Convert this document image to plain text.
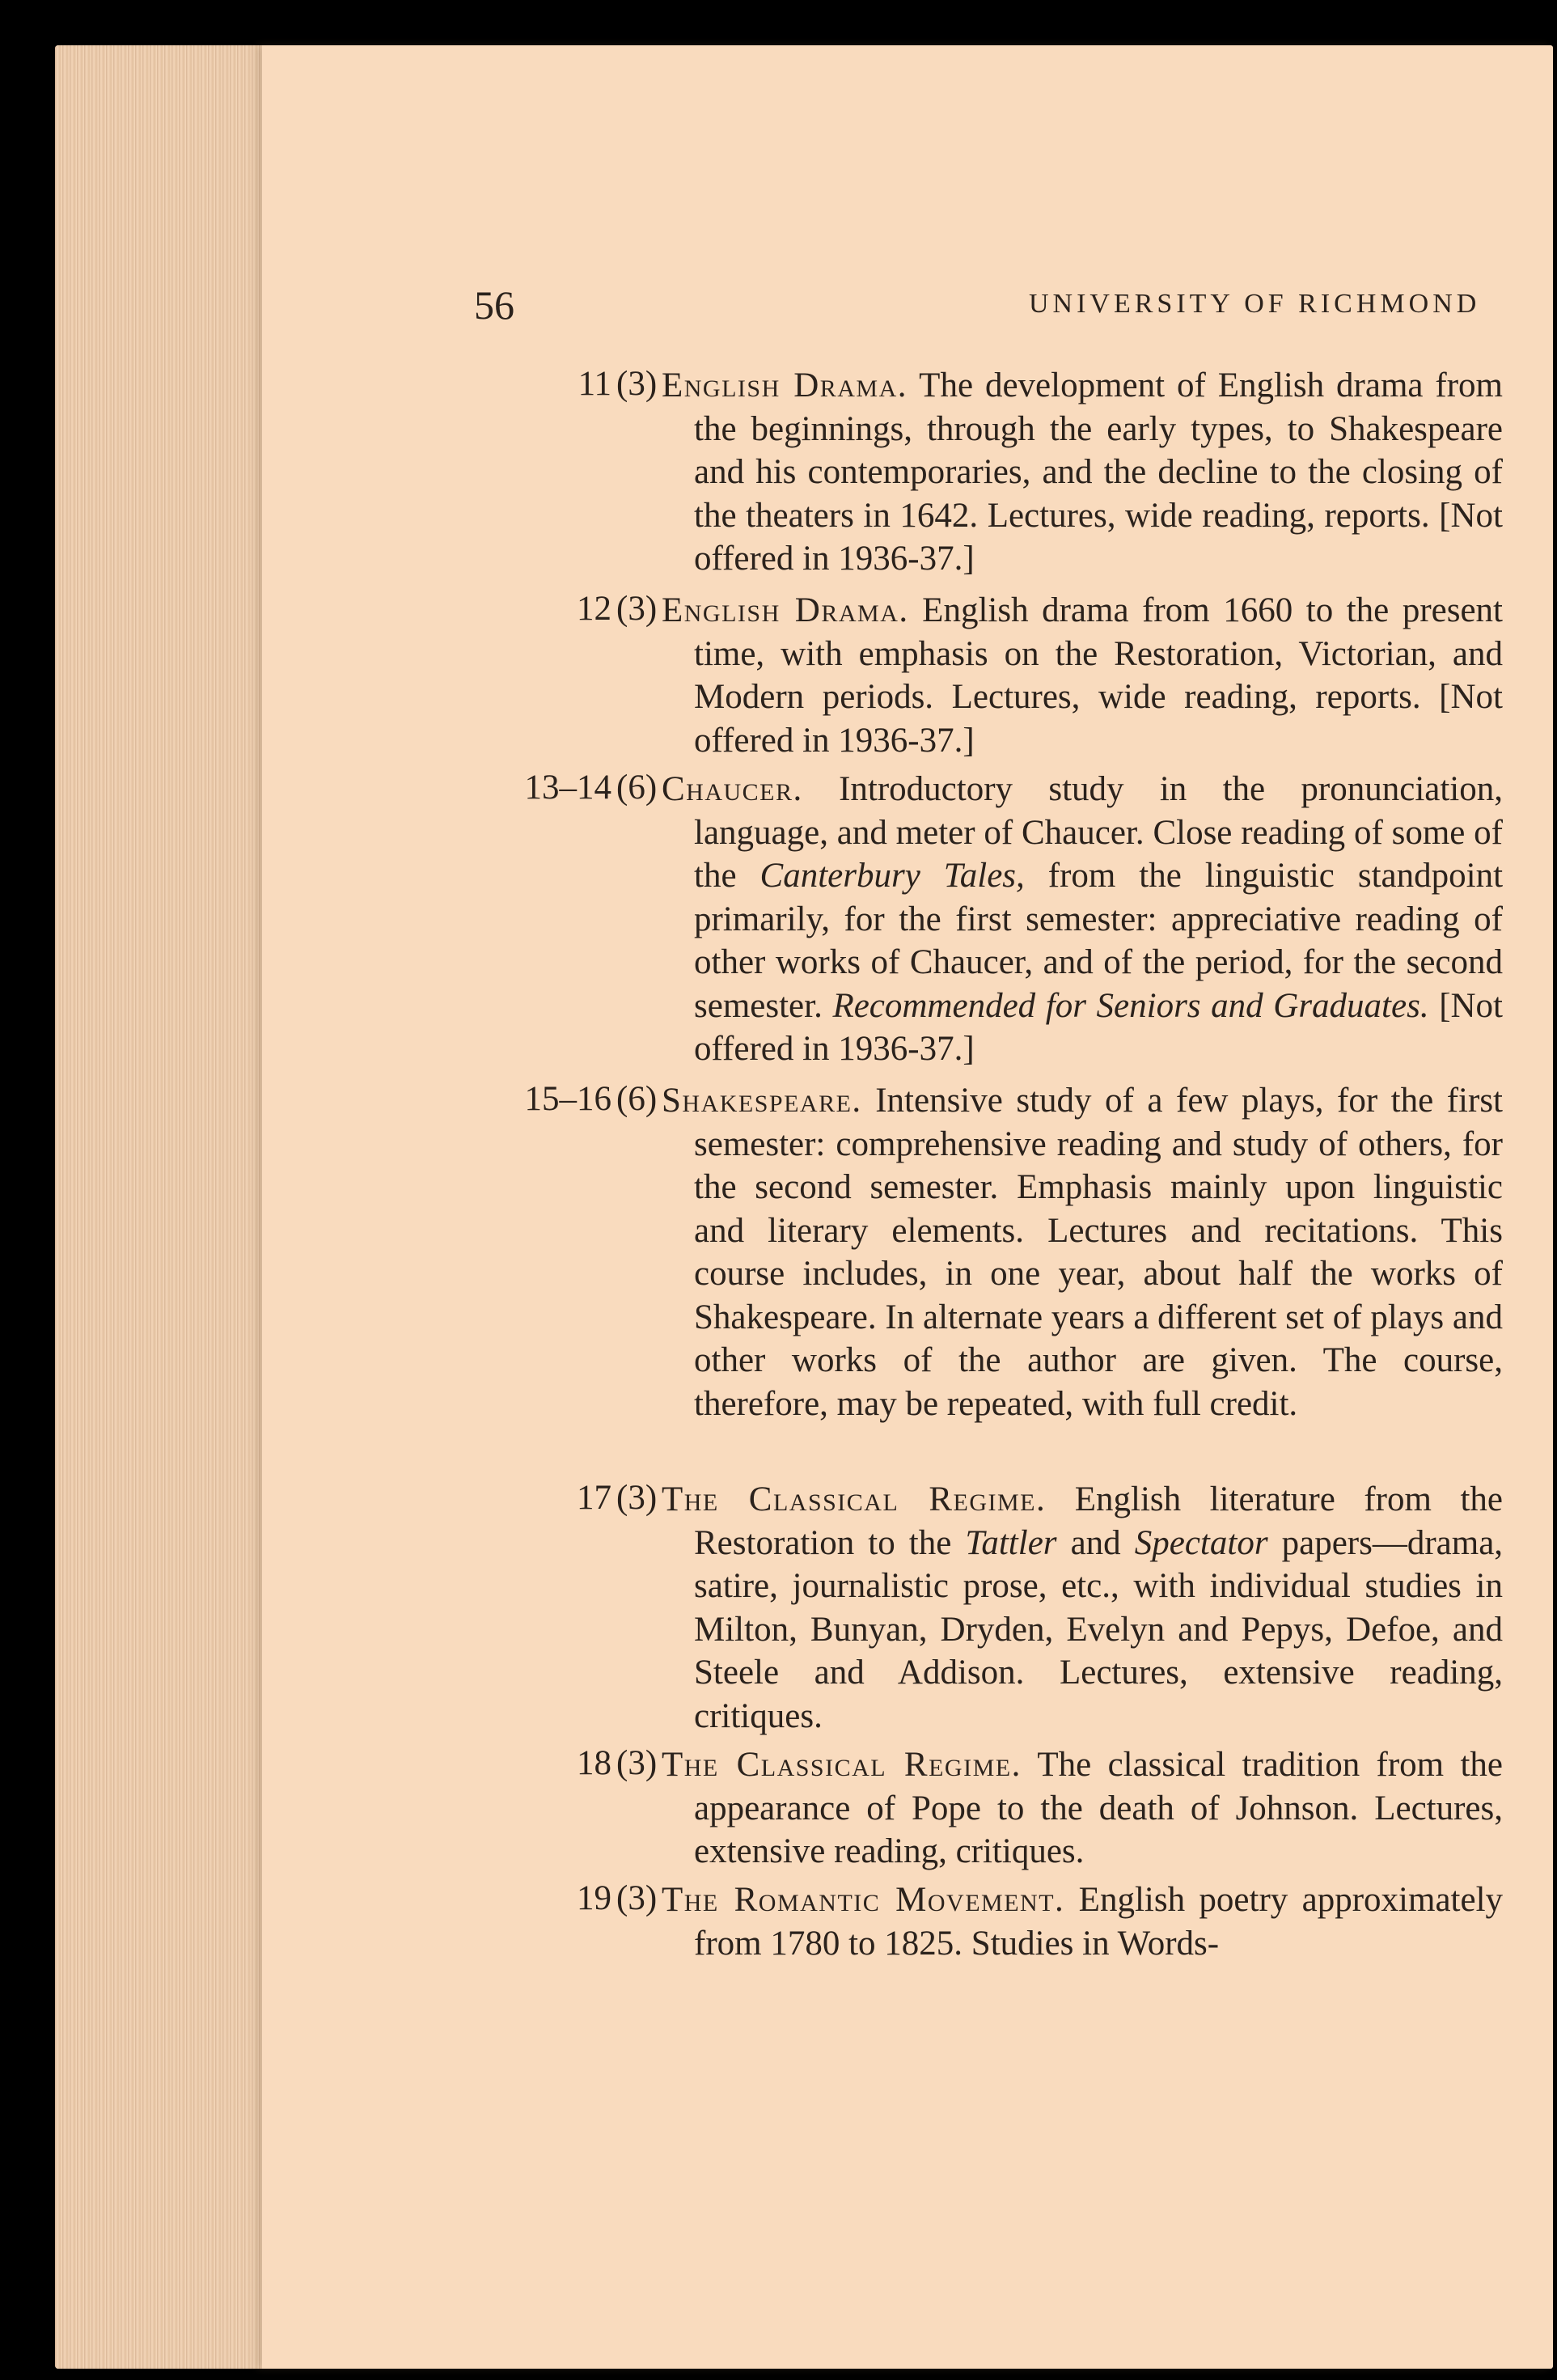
56	UNIVERSITY OF RICHMOND
11 (3) English Drama. The development of English drama from the beginnings, through the early types, to Shakespeare and his contemporaries, and the decline to the closing of the theaters in 1642. Lectures, wide reading, reports. [Not offered in 1936-37.]
12 (3) English Drama. English drama from 1660 to the present time, with emphasis on the Restoration, Victorian, and Modern periods. Lectures, wide reading, reports. [Not offered in 1936-37.]
13–14 (6) Chaucer. Introductory study in the pronunciation, language, and meter of Chaucer. Close reading of some of the Canterbury Tales, from the linguistic standpoint primarily, for the first semester: appreciative reading of other works of Chaucer, and of the period, for the second semester. Recommended for Seniors and Graduates. [Not offered in 1936-37.]
15–16 (6) Shakespeare. Intensive study of a few plays, for the first semester: comprehensive reading and study of others, for the second semester. Emphasis mainly upon linguistic and literary elements. Lectures and recitations. This course includes, in one year, about half the works of Shakespeare. In alternate years a different set of plays and other works of the author are given. The course, therefore, may be repeated, with full credit.
17 (3) The Classical Regime. English literature from the Restoration to the Tattler and Spectator papers—drama, satire, journalistic prose, etc., with individual studies in Milton, Bunyan, Dryden, Evelyn and Pepys, Defoe, and Steele and Addison. Lectures, extensive reading, critiques.
18 (3) The Classical Regime. The classical tradition from the appearance of Pope to the death of Johnson. Lectures, extensive reading, critiques.
19 (3) The Romantic Movement. English poetry approximately from 1780 to 1825. Studies in Words-
